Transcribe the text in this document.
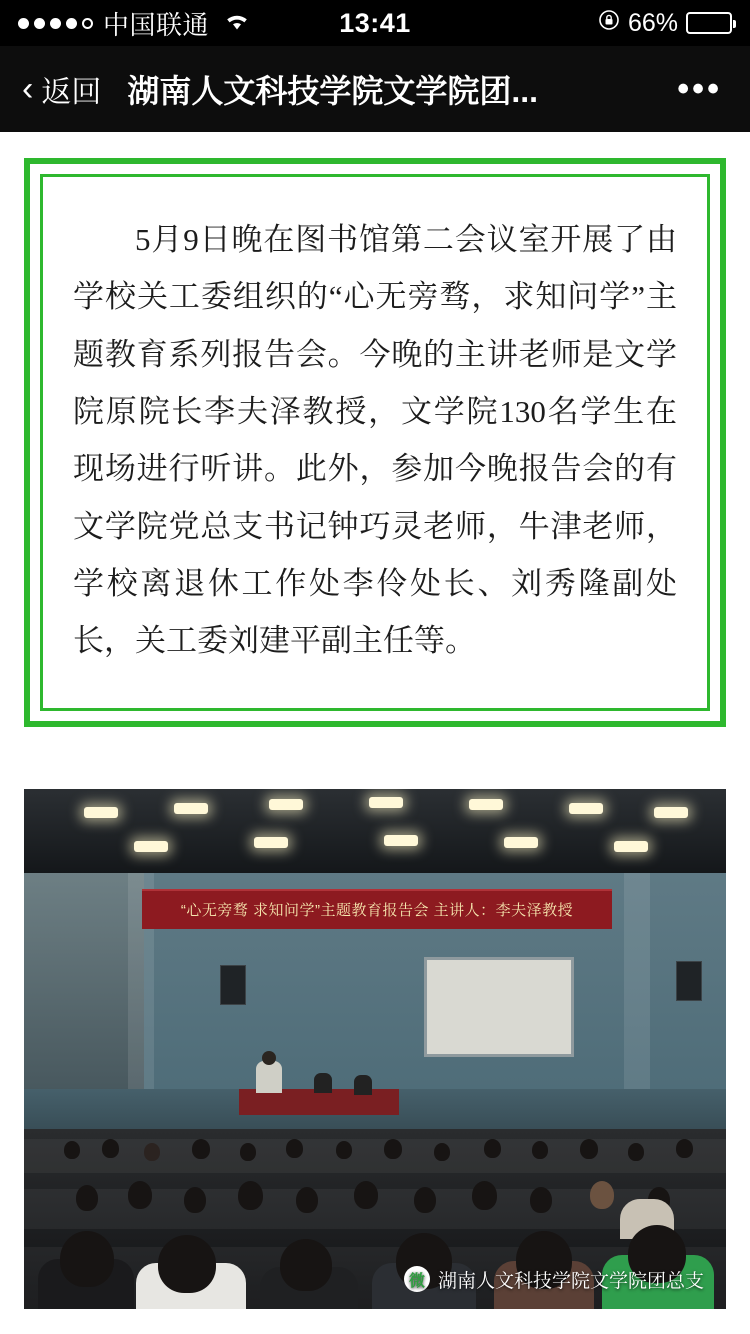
中国联通	13:41	66%
‹ 返回 湖南人文科技学院文学院团...	•••

5月9日晚在图书馆第二会议室开展了由学校关工委组织的“心无旁骛，求知问学”主题教育系列报告会。今晚的主讲老师是文学院原院长李夫泽教授，文学院130名学生在现场进行听讲。此外，参加今晚报告会的有文学院党总支书记钟巧灵老师，牛津老师，学校离退休工作处李伶处长、刘秀隆副处长，关工委刘建平副主任等。

“心无旁骛 求知问学”主题教育报告会 主讲人：李夫泽教授
微 湖南人文科技学院文学院团总支
